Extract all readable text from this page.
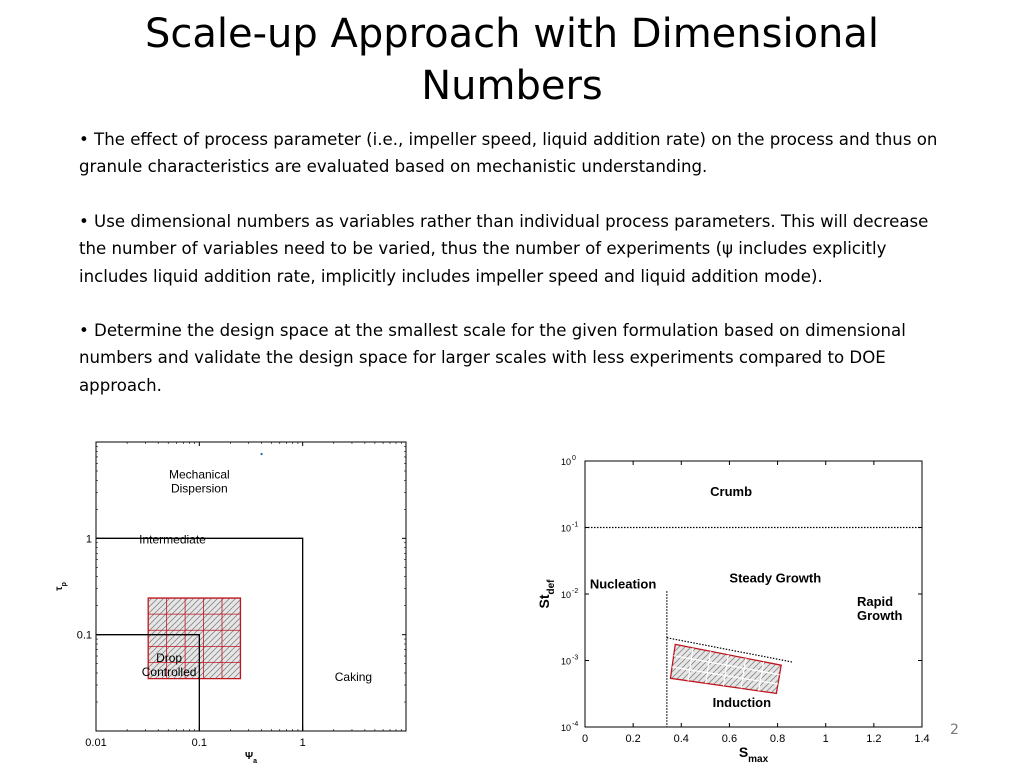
Scale-up Approach with Dimensional Numbers

• The effect of process parameter (i.e., impeller speed, liquid addition rate) on the process and thus on granule characteristics are evaluated based on mechanistic understanding.

• Use dimensional numbers as variables rather than individual process parameters. This will decrease the number of variables need to be varied, thus the number of experiments (ψ includes explicitly includes liquid addition rate, implicitly includes impeller speed and liquid addition mode).

• Determine the design space at the smallest scale for the given formulation based on dimensional numbers and validate the design space for larger scales with less experiments compared to DOE approach.

0.01	0.1	1
0.1
1
Mechanical
Dispersion
Intermediate
Drop
Controlled	Caking
$\Psi_a$
$\tau_p$
0	0.2	0.4	0.6	0.8	1	1.2	1.4
10 -4
10 -3
10 -2
10 -1
10 0
Crumb
Nucleation	Steady Growth
Rapid
Growth
Induction
$S_{max}$
$St_{def}$
2
